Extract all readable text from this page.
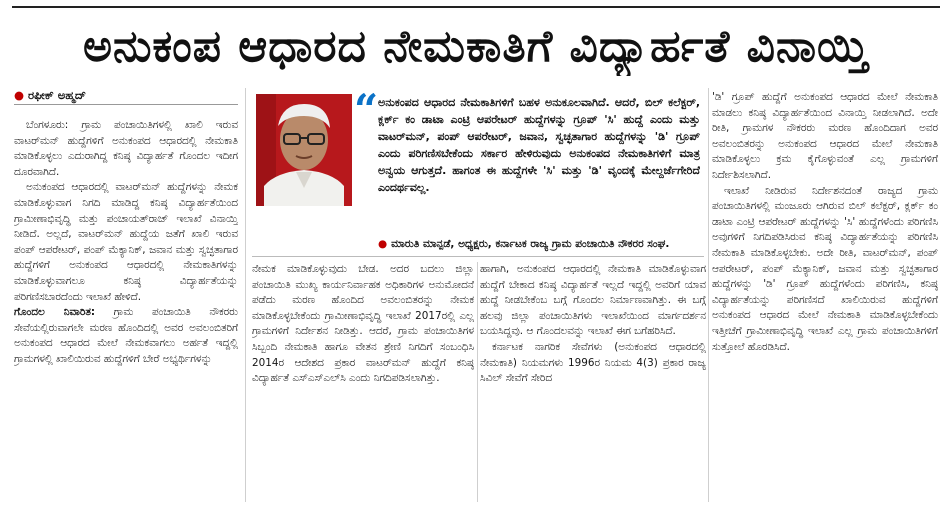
ಅನುಕಂಪ ಆಧಾರದ ನೇಮಕಾತಿಗೆ ವಿದ್ಯಾರ್ಹತೆ ವಿನಾಯ್ತಿ
● ರಫೀಕ್ ಅಹ್ಮದ್

ಬೆಂಗಳೂರು: ಗ್ರಾಮ ಪಂಚಾಯಿತಿಗಳಲ್ಲಿ ಖಾಲಿ ಇರುವ ವಾಟರ್‌ಮನ್ ಹುದ್ದೆಗಳಿಗೆ ಅನುಕಂಪದ ಆಧಾರದಲ್ಲಿ ನೇಮಕಾತಿ ಮಾಡಿಕೊಳ್ಳಲು ಎದುರಾಗಿದ್ದ ಕನಿಷ್ಠ ವಿದ್ಯಾರ್ಹತೆ ಗೊಂದಲ ಇದೀಗ ದೂರವಾಗಿದೆ.

ಅನುಕಂಪದ ಆಧಾರದಲ್ಲಿ ವಾಟರ್‌ಮನ್ ಹುದ್ದೆಗಳನ್ನು ನೇಮಕ ಮಾಡಿಕೊಳ್ಳುವಾಗ ನಿಗದಿ ಮಾಡಿದ್ದ ಕನಿಷ್ಠ ವಿದ್ಯಾರ್ಹತೆಯಿಂದ ಗ್ರಾಮೀಣಾಭಿವೃದ್ಧಿ ಮತ್ತು ಪಂಚಾಯತ್‌ರಾಜ್ ಇಲಾಖೆ ವಿನಾಯ್ತಿ ನೀಡಿದೆ. ಅಲ್ಲದೆ, ವಾಟರ್‌ಮನ್ ಹುದ್ದೆಯ ಜತೆಗೆ ಖಾಲಿ ಇರುವ ಪಂಪ್ ಆಪರೇಟರ್, ಪಂಪ್ ಮೆಕ್ಯಾನಿಕ್, ಜವಾನ ಮತ್ತು ಸ್ವಚ್ಛತಾಗಾರ ಹುದ್ದೆಗಳಿಗೆ ಅನುಕಂಪದ ಆಧಾರದಲ್ಲಿ ನೇಮಕಾತಿಗಳನ್ನು ಮಾಡಿಕೊಳ್ಳುವಾಗಲೂ ಕನಿಷ್ಠ ವಿದ್ಯಾರ್ಹತೆಯನ್ನು ಪರಿಗಣಿಸಬಾರದೆಂದು ಇಲಾಖೆ ಹೇಳಿದೆ.

ಗೊಂದಲ ನಿವಾರಿತ: ಗ್ರಾಮ ಪಂಚಾಯಿತಿ ನೌಕರರು ಸೇವೆಯಲ್ಲಿರುವಾಗಲೇ ಮರಣ ಹೊಂದಿದಲ್ಲಿ ಅವರ ಅವಲಂಬಿತರಿಗೆ ಅನುಕಂಪದ ಆಧಾರದ ಮೇಲೆ ನೇಮಕವಾಗಲು ಅರ್ಹತೆ ಇದ್ದಲ್ಲಿ ಗ್ರಾಮಗಳಲ್ಲಿ ಖಾಲಿಯಿರುವ ಹುದ್ದೆಗಳಿಗೆ ಬೇರೆ ಅಭ್ಯರ್ಥಿಗಳನ್ನು

“ ಅನುಕಂಪದ ಆಧಾರದ ನೇಮಕಾತಿಗಳಿಗೆ ಬಹಳ ಅನುಕೂಲವಾಗಿದೆ. ಆದರೆ, ಬಿಲ್ ಕಲೆಕ್ಟರ್, ಕ್ಲರ್ಕ್ ಕಂ ಡಾಟಾ ಎಂಟ್ರಿ ಆಪರೇಟರ್ ಹುದ್ದೆಗಳನ್ನು ಗ್ರೂಪ್ 'ಸಿ' ಹುದ್ದೆ ಎಂದು ಮತ್ತು ವಾಟರ್‌ಮನ್, ಪಂಪ್ ಆಪರೇಟರ್, ಜವಾನ, ಸ್ವಚ್ಛತಾಗಾರ ಹುದ್ದೆಗಳನ್ನು 'ಡಿ' ಗ್ರೂಪ್ ಎಂದು ಪರಿಗಣಿಸಬೇಕೆಂದು ಸರ್ಕಾರ ಹೇಳಿರುವುದು ಅನುಕಂಪದ ನೇಮಕಾತಿಗಳಿಗೆ ಮಾತ್ರ ಅನ್ವಯ ಆಗುತ್ತದೆ. ಹಾಗಂತ ಈ ಹುದ್ದೆಗಳೇ 'ಸಿ' ಮತ್ತು 'ಡಿ' ವೃಂದಕ್ಕೆ ಮೇಲ್ದರ್ಜೆಗೇರಿದೆ ಎಂದರ್ಥವಲ್ಲ.

● ಮಾರುತಿ ಮಾನ್ಪಡೆ, ಅಧ್ಯಕ್ಷರು, ಕರ್ನಾಟಕ ರಾಜ್ಯ ಗ್ರಾಮ ಪಂಚಾಯಿತಿ ನೌಕರರ ಸಂಘ.

ನೇಮಕ ಮಾಡಿಕೊಳ್ಳುವುದು ಬೇಡ. ಅದರ ಬದಲು ಜಿಲ್ಲಾ ಪಂಚಾಯಿತಿ ಮುಖ್ಯ ಕಾರ್ಯನಿರ್ವಾಹಕ ಅಧಿಕಾರಿಗಳ ಅನುಮೋದನೆ ಪಡೆದು ಮರಣ ಹೊಂದಿದ ಅವಲಂಬಿತರನ್ನು ನೇಮಕ ಮಾಡಿಕೊಳ್ಳಬೇಕೆಂದು ಗ್ರಾಮೀಣಾಭಿವೃದ್ಧಿ ಇಲಾಖೆ 2017ರಲ್ಲಿ ಎಲ್ಲ ಗ್ರಾಮಗಳಿಗೆ ನಿರ್ದೇಶನ ನೀಡಿತ್ತು. ಆದರೆ, ಗ್ರಾಮ ಪಂಚಾಯಿತಿಗಳ ಸಿಬ್ಬಂದಿ ನೇಮಕಾತಿ ಹಾಗೂ ವೇತನ ಶ್ರೇಣಿ ನಿಗದಿಗೆ ಸಂಬಂಧಿಸಿ 2014ರ ಆದೇಶದ ಪ್ರಕಾರ ವಾಟರ್‌ಮನ್ ಹುದ್ದೆಗೆ ಕನಿಷ್ಠ ವಿದ್ಯಾರ್ಹತೆ ಎಸ್‌ಎಸ್‌ಎಲ್‌ಸಿ ಎಂದು ನಿಗದಿಪಡಿಸಲಾಗಿತ್ತು.

ಹಾಗಾಗಿ, ಅನುಕಂಪದ ಆಧಾರದಲ್ಲಿ ನೇಮಕಾತಿ ಮಾಡಿಕೊಳ್ಳುವಾಗ ಹುದ್ದೆಗೆ ಬೇಕಾದ ಕನಿಷ್ಠ ವಿದ್ಯಾರ್ಹತೆ ಇಲ್ಲದೆ ಇದ್ದಲ್ಲಿ ಅವರಿಗೆ ಯಾವ ಹುದ್ದೆ ನೀಡಬೇಕೆಂಬ ಬಗ್ಗೆ ಗೊಂದಲ ನಿರ್ಮಾಣವಾಗಿತ್ತು. ಈ ಬಗ್ಗೆ ಹಲವು ಜಿಲ್ಲಾ ಪಂಚಾಯಿತಿಗಳು ಇಲಾಖೆಯಿಂದ ಮಾರ್ಗದರ್ಶನ ಬಯಸಿದ್ದವು. ಆ ಗೊಂದಲವನ್ನು ಇಲಾಖೆ ಈಗ ಬಗೆಹರಿಸಿದೆ.

ಕರ್ನಾಟಕ ನಾಗರಿಕ ಸೇವೆಗಳು (ಅನುಕಂಪದ ಆಧಾರದಲ್ಲಿ ನೇಮಕಾತಿ) ನಿಯಮಗಳು 1996ರ ನಿಯಮ 4(3) ಪ್ರಕಾರ ರಾಜ್ಯ ಸಿವಿಲ್ ಸೇವೆಗೆ ಸೇರಿದ

'ಡಿ' ಗ್ರೂಪ್ ಹುದ್ದೆಗೆ ಅನುಕಂಪದ ಆಧಾರದ ಮೇಲೆ ನೇಮಕಾತಿ ಮಾಡಲು ಕನಿಷ್ಠ ವಿದ್ಯಾರ್ಹತೆಯಿಂದ ವಿನಾಯ್ತಿ ನೀಡಲಾಗಿದೆ. ಅದೇ ರೀತಿ, ಗ್ರಾಮಗಳ ನೌಕರರು ಮರಣ ಹೊಂದಿದಾಗ ಅವರ ಅವಲಂಬಿತರನ್ನು ಅನುಕಂಪದ ಆಧಾರದ ಮೇಲೆ ನೇಮಕಾತಿ ಮಾಡಿಕೊಳ್ಳಲು ಕ್ರಮ ಕೈಗೊಳ್ಳುವಂತೆ ಎಲ್ಲ ಗ್ರಾಮಗಳಿಗೆ ನಿರ್ದೇಶಿಸಲಾಗಿದೆ.

ಇಲಾಖೆ ನೀಡಿರುವ ನಿರ್ದೇಶನದಂತೆ ರಾಜ್ಯದ ಗ್ರಾಮ ಪಂಚಾಯಿತಿಗಳಲ್ಲಿ ಮಂಜೂರು ಆಗಿರುವ ಬಿಲ್ ಕಲೆಕ್ಟರ್, ಕ್ಲರ್ಕ್ ಕಂ ಡಾಟಾ ಎಂಟ್ರಿ ಆಪರೇಟರ್ ಹುದ್ದೆಗಳನ್ನು 'ಸಿ' ಹುದ್ದೆಗಳೆಂದು ಪರಿಗಣಿಸಿ ಅವುಗಳಿಗೆ ನಿಗದಿಪಡಿಸಿರುವ ಕನಿಷ್ಠ ವಿದ್ಯಾರ್ಹತೆಯನ್ನು ಪರಿಗಣಿಸಿ ನೇಮಕಾತಿ ಮಾಡಿಕೊಳ್ಳಬೇಕು. ಅದೇ ರೀತಿ, ವಾಟರ್‌ಮನ್, ಪಂಪ್ ಆಪರೇಟರ್, ಪಂಪ್ ಮೆಕ್ಯಾನಿಕ್, ಜವಾನ ಮತ್ತು ಸ್ವಚ್ಛತಾಗಾರ ಹುದ್ದೆಗಳನ್ನು 'ಡಿ' ಗ್ರೂಪ್ ಹುದ್ದೆಗಳೆಂದು ಪರಿಗಣಿಸಿ, ಕನಿಷ್ಠ ವಿದ್ಯಾರ್ಹತೆಯನ್ನು ಪರಿಗಣಿಸದೆ ಖಾಲಿಯಿರುವ ಹುದ್ದೆಗಳಿಗೆ ಅನುಕಂಪದ ಆಧಾರದ ಮೇಲೆ ನೇಮಕಾತಿ ಮಾಡಿಕೊಳ್ಳಬೇಕೆಂದು ಇತ್ತೀಚೆಗೆ ಗ್ರಾಮೀಣಾಭಿವೃದ್ಧಿ ಇಲಾಖೆ ಎಲ್ಲ ಗ್ರಾಮ ಪಂಚಾಯಿತಿಗಳಿಗೆ ಸುತ್ತೋಲೆ ಹೊರಡಿಸಿದೆ.
